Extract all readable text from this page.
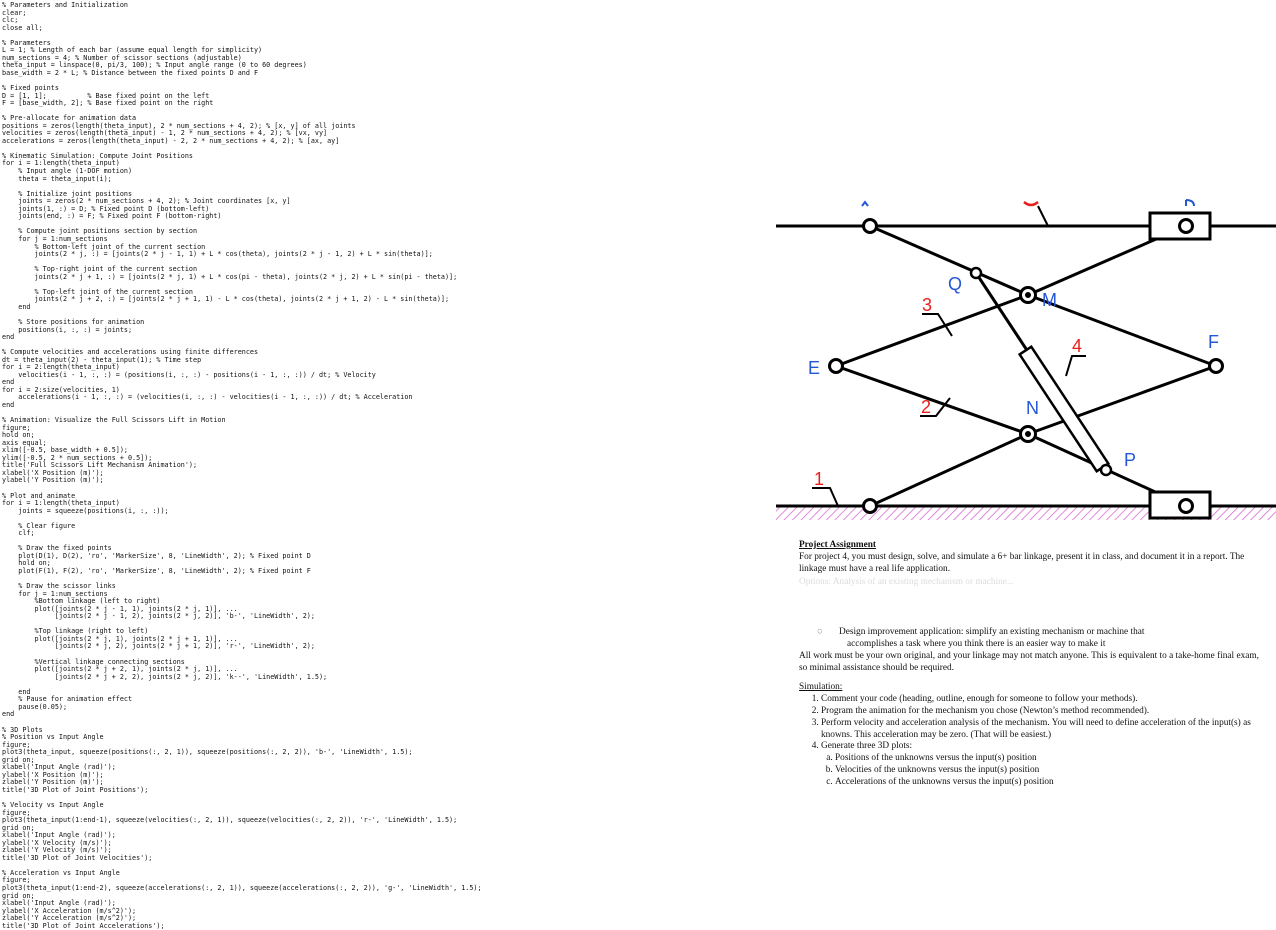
% Parameters and Initialization
clear;
clc;
close all;
% Parameters
L = 1; % Length of each bar (assume equal length for simplicity)
num_sections = 4; % Number of scissor sections (adjustable)
theta_input = linspace(0, pi/3, 100); % Input angle range (0 to 60 degrees)
base_width = 2 * L; % Distance between the fixed points D and F
% Fixed points
D = [1, 1];          % Base fixed point on the left
F = [base_width, 2]; % Base fixed point on the right
% Pre-allocate for animation data
positions = zeros(length(theta_input), 2 * num_sections + 4, 2); % [x, y] of all joints
velocities = zeros(length(theta_input) - 1, 2 * num_sections + 4, 2); % [vx, vy]
accelerations = zeros(length(theta_input) - 2, 2 * num_sections + 4, 2); % [ax, ay]
% Kinematic Simulation: Compute Joint Positions
for i = 1:length(theta_input)
% Input angle (1-DOF motion)
theta = theta_input(i);
% Initialize joint positions
joints = zeros(2 * num_sections + 4, 2); % Joint coordinates [x, y]
joints(1, :) = D; % Fixed point D (bottom-left)
joints(end, :) = F; % Fixed point F (bottom-right)
% Compute joint positions section by section
for j = 1:num_sections
% Bottom-left joint of the current section
joints(2 * j, :) = [joints(2 * j - 1, 1) + L * cos(theta), joints(2 * j - 1, 2) + L * sin(theta)];
% Top-right joint of the current section
joints(2 * j + 1, :) = [joints(2 * j, 1) + L * cos(pi - theta), joints(2 * j, 2) + L * sin(pi - theta)];
% Top-left joint of the current section
joints(2 * j + 2, :) = [joints(2 * j + 1, 1) - L * cos(theta), joints(2 * j + 1, 2) - L * sin(theta)];
end
% Store positions for animation
positions(i, :, :) = joints;
end
% Compute velocities and accelerations using finite differences
dt = theta_input(2) - theta_input(1); % Time step
for i = 2:length(theta_input)
velocities(i - 1, :, :) = (positions(i, :, :) - positions(i - 1, :, :)) / dt; % Velocity
end
for i = 2:size(velocities, 1)
accelerations(i - 1, :, :) = (velocities(i, :, :) - velocities(i - 1, :, :)) / dt; % Acceleration
end
% Animation: Visualize the Full Scissors Lift in Motion
figure;
hold on;
axis equal;
xlim([-0.5, base_width + 0.5]);
ylim([-0.5, 2 * num_sections + 0.5]);
title('Full Scissors Lift Mechanism Animation');
xlabel('X Position (m)');
ylabel('Y Position (m)');
% Plot and animate
for i = 1:length(theta_input)
joints = squeeze(positions(i, :, :));
% Clear figure
clf;
% Draw the fixed points
plot(D(1), D(2), 'ro', 'MarkerSize', 8, 'LineWidth', 2); % Fixed point D
hold on;
plot(F(1), F(2), 'ro', 'MarkerSize', 8, 'LineWidth', 2); % Fixed point F
% Draw the scissor links
for j = 1:num_sections
%Bottom linkage (left to right)
plot([joints(2 * j - 1, 1), joints(2 * j, 1)], ...
[joints(2 * j - 1, 2), joints(2 * j, 2)], 'b-', 'LineWidth', 2);
%Top linkage (right to left)
plot([joints(2 * j, 1), joints(2 * j + 1, 1)], ...
[joints(2 * j, 2), joints(2 * j + 1, 2)], 'r-', 'LineWidth', 2);
%Vertical linkage connecting sections
plot([joints(2 * j + 2, 1), joints(2 * j, 1)], ...
[joints(2 * j + 2, 2), joints(2 * j, 2)], 'k--', 'LineWidth', 1.5);
end
% Pause for animation effect
pause(0.05);
end
% 3D Plots
% Position vs Input Angle
figure;
plot3(theta_input, squeeze(positions(:, 2, 1)), squeeze(positions(:, 2, 2)), 'b-', 'LineWidth', 1.5);
grid on;
xlabel('Input Angle (rad)');
ylabel('X Position (m)');
zlabel('Y Position (m)');
title('3D Plot of Joint Positions');
% Velocity vs Input Angle
figure;
plot3(theta_input(1:end-1), squeeze(velocities(:, 2, 1)), squeeze(velocities(:, 2, 2)), 'r-', 'LineWidth', 1.5);
grid on;
xlabel('Input Angle (rad)');
ylabel('X Velocity (m/s)');
zlabel('Y Velocity (m/s)');
title('3D Plot of Joint Velocities');
% Acceleration vs Input Angle
figure;
plot3(theta_input(1:end-2), squeeze(accelerations(:, 2, 1)), squeeze(accelerations(:, 2, 2)), 'g-', 'LineWidth', 1.5);
grid on;
xlabel('Input Angle (rad)');
ylabel('X Acceleration (m/s^2)');
zlabel('Y Acceleration (m/s^2)');
title('3D Plot of Joint Accelerations');
Q
M
F
E
N
P
1
2
3
4

Project Assignment

For project 4, you must design, solve, and simulate a 6+ bar linkage, present it in class, and document it in a report. The linkage must have a real life application.

Options: Analysis of an existing mechanism or machine...

○	Design improvement application: simplify an existing mechanism or machine that

accomplishes a task where you think there is an easier way to make it

All work must be your own original, and your linkage may not match anyone. This is equivalent to a take-home final exam, so minimal assistance should be required.

Simulation:

1. Comment your code (heading, outline, enough for someone to follow your methods).
2. Program the animation for the mechanism you chose (Newton’s method recommended).
3. Perform velocity and acceleration analysis of the mechanism. You will need to define acceleration of the input(s) as knowns. This acceleration may be zero. (That will be easiest.)
4. Generate three 3D plots:
a. Positions of the unknowns versus the input(s) position
b. Velocities of the unknowns versus the input(s) position
c. Accelerations of the unknowns versus the input(s) position
